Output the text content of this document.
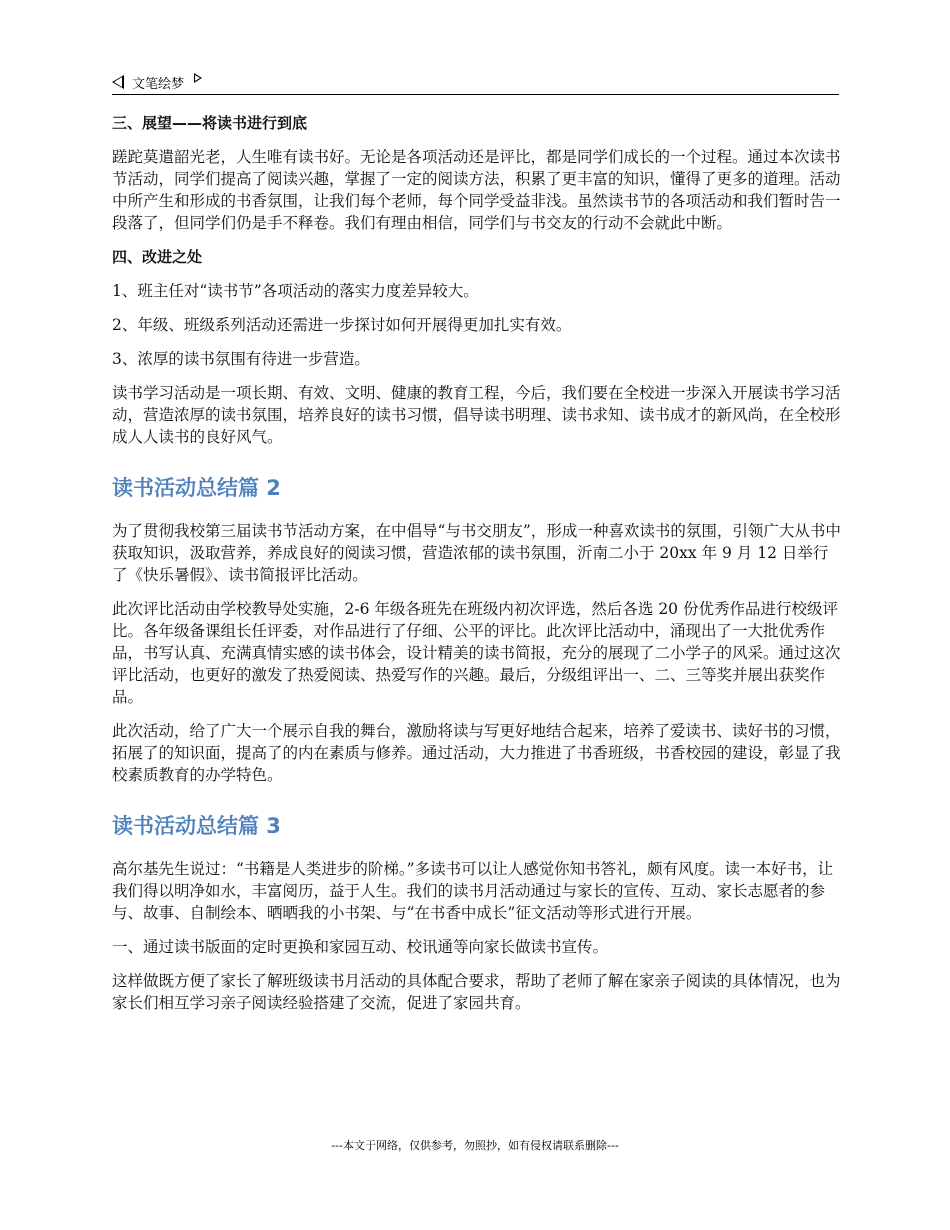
文笔绘梦

三、展望——将读书进行到底

蹉跎莫遣韶光老，人生唯有读书好。无论是各项活动还是评比，都是同学们成长的一个过程。通过本次读书节活动，同学们提高了阅读兴趣，掌握了一定的阅读方法，积累了更丰富的知识，懂得了更多的道理。活动中所产生和形成的书香氛围，让我们每个老师，每个同学受益非浅。虽然读书节的各项活动和我们暂时告一段落了，但同学们仍是手不释卷。我们有理由相信，同学们与书交友的行动不会就此中断。

四、改进之处

1、班主任对“读书节”各项活动的落实力度差异较大。

2、年级、班级系列活动还需进一步探讨如何开展得更加扎实有效。

3、浓厚的读书氛围有待进一步营造。

读书学习活动是一项长期、有效、文明、健康的教育工程，今后，我们要在全校进一步深入开展读书学习活动，营造浓厚的读书氛围，培养良好的读书习惯，倡导读书明理、读书求知、读书成才的新风尚，在全校形成人人读书的良好风气。

读书活动总结篇 2

为了贯彻我校第三届读书节活动方案，在中倡导“与书交朋友”，形成一种喜欢读书的氛围，引领广大从书中获取知识，汲取营养，养成良好的阅读习惯，营造浓郁的读书氛围，沂南二小于 20xx 年 9 月 12 日举行了《快乐暑假》、读书简报评比活动。

此次评比活动由学校教导处实施，2-6 年级各班先在班级内初次评选，然后各选 20 份优秀作品进行校级评比。各年级备课组长任评委，对作品进行了仔细、公平的评比。此次评比活动中，涌现出了一大批优秀作品，书写认真、充满真情实感的读书体会，设计精美的读书简报，充分的展现了二小学子的风采。通过这次评比活动，也更好的激发了热爱阅读、热爱写作的兴趣。最后，分级组评出一、二、三等奖并展出获奖作品。

此次活动，给了广大一个展示自我的舞台，激励将读与写更好地结合起来，培养了爱读书、读好书的习惯，拓展了的知识面，提高了的内在素质与修养。通过活动，大力推进了书香班级，书香校园的建设，彰显了我校素质教育的办学特色。

读书活动总结篇 3

高尔基先生说过：“书籍是人类进步的阶梯。”多读书可以让人感觉你知书答礼，颇有风度。读一本好书，让我们得以明净如水，丰富阅历，益于人生。我们的读书月活动通过与家长的宣传、互动、家长志愿者的参与、故事、自制绘本、晒晒我的小书架、与“在书香中成长”征文活动等形式进行开展。

一、通过读书版面的定时更换和家园互动、校讯通等向家长做读书宣传。

这样做既方便了家长了解班级读书月活动的具体配合要求，帮助了老师了解在家亲子阅读的具体情况，也为家长们相互学习亲子阅读经验搭建了交流，促进了家园共育。

---本文于网络，仅供参考，勿照抄，如有侵权请联系删除---
